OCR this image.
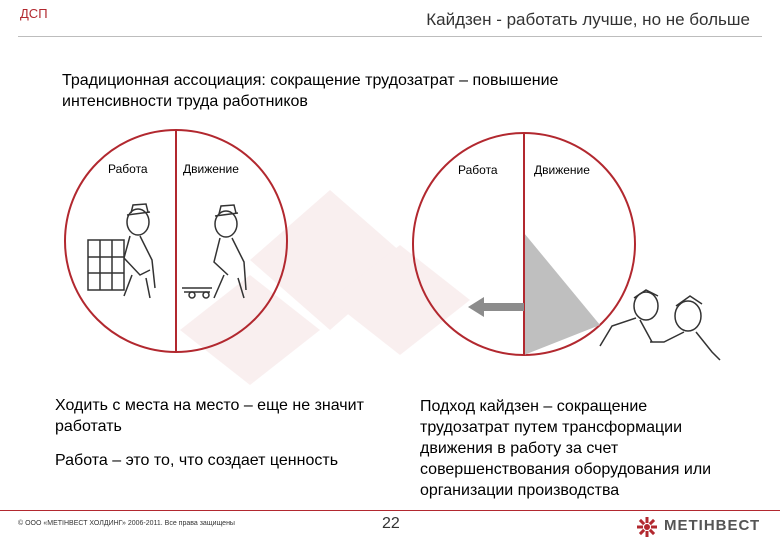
ДСП	Кайдзен - работать лучше, но не больше
Традиционная ассоциация: сокращение трудозатрат – повышение интенсивности труда работников
Работа	Движение	Работа	Движение
Ходить с места на место – еще не значит работать
Работа – это то, что создает ценность
Подход кайдзен – сокращение трудозатрат путем трансформации движения в работу за счет совершенствования оборудования или организации производства
© ООО «МЕТІНВЕСТ ХОЛДИНГ» 2006-2011. Все права защищены	22	МЕТІНВЕСТ
